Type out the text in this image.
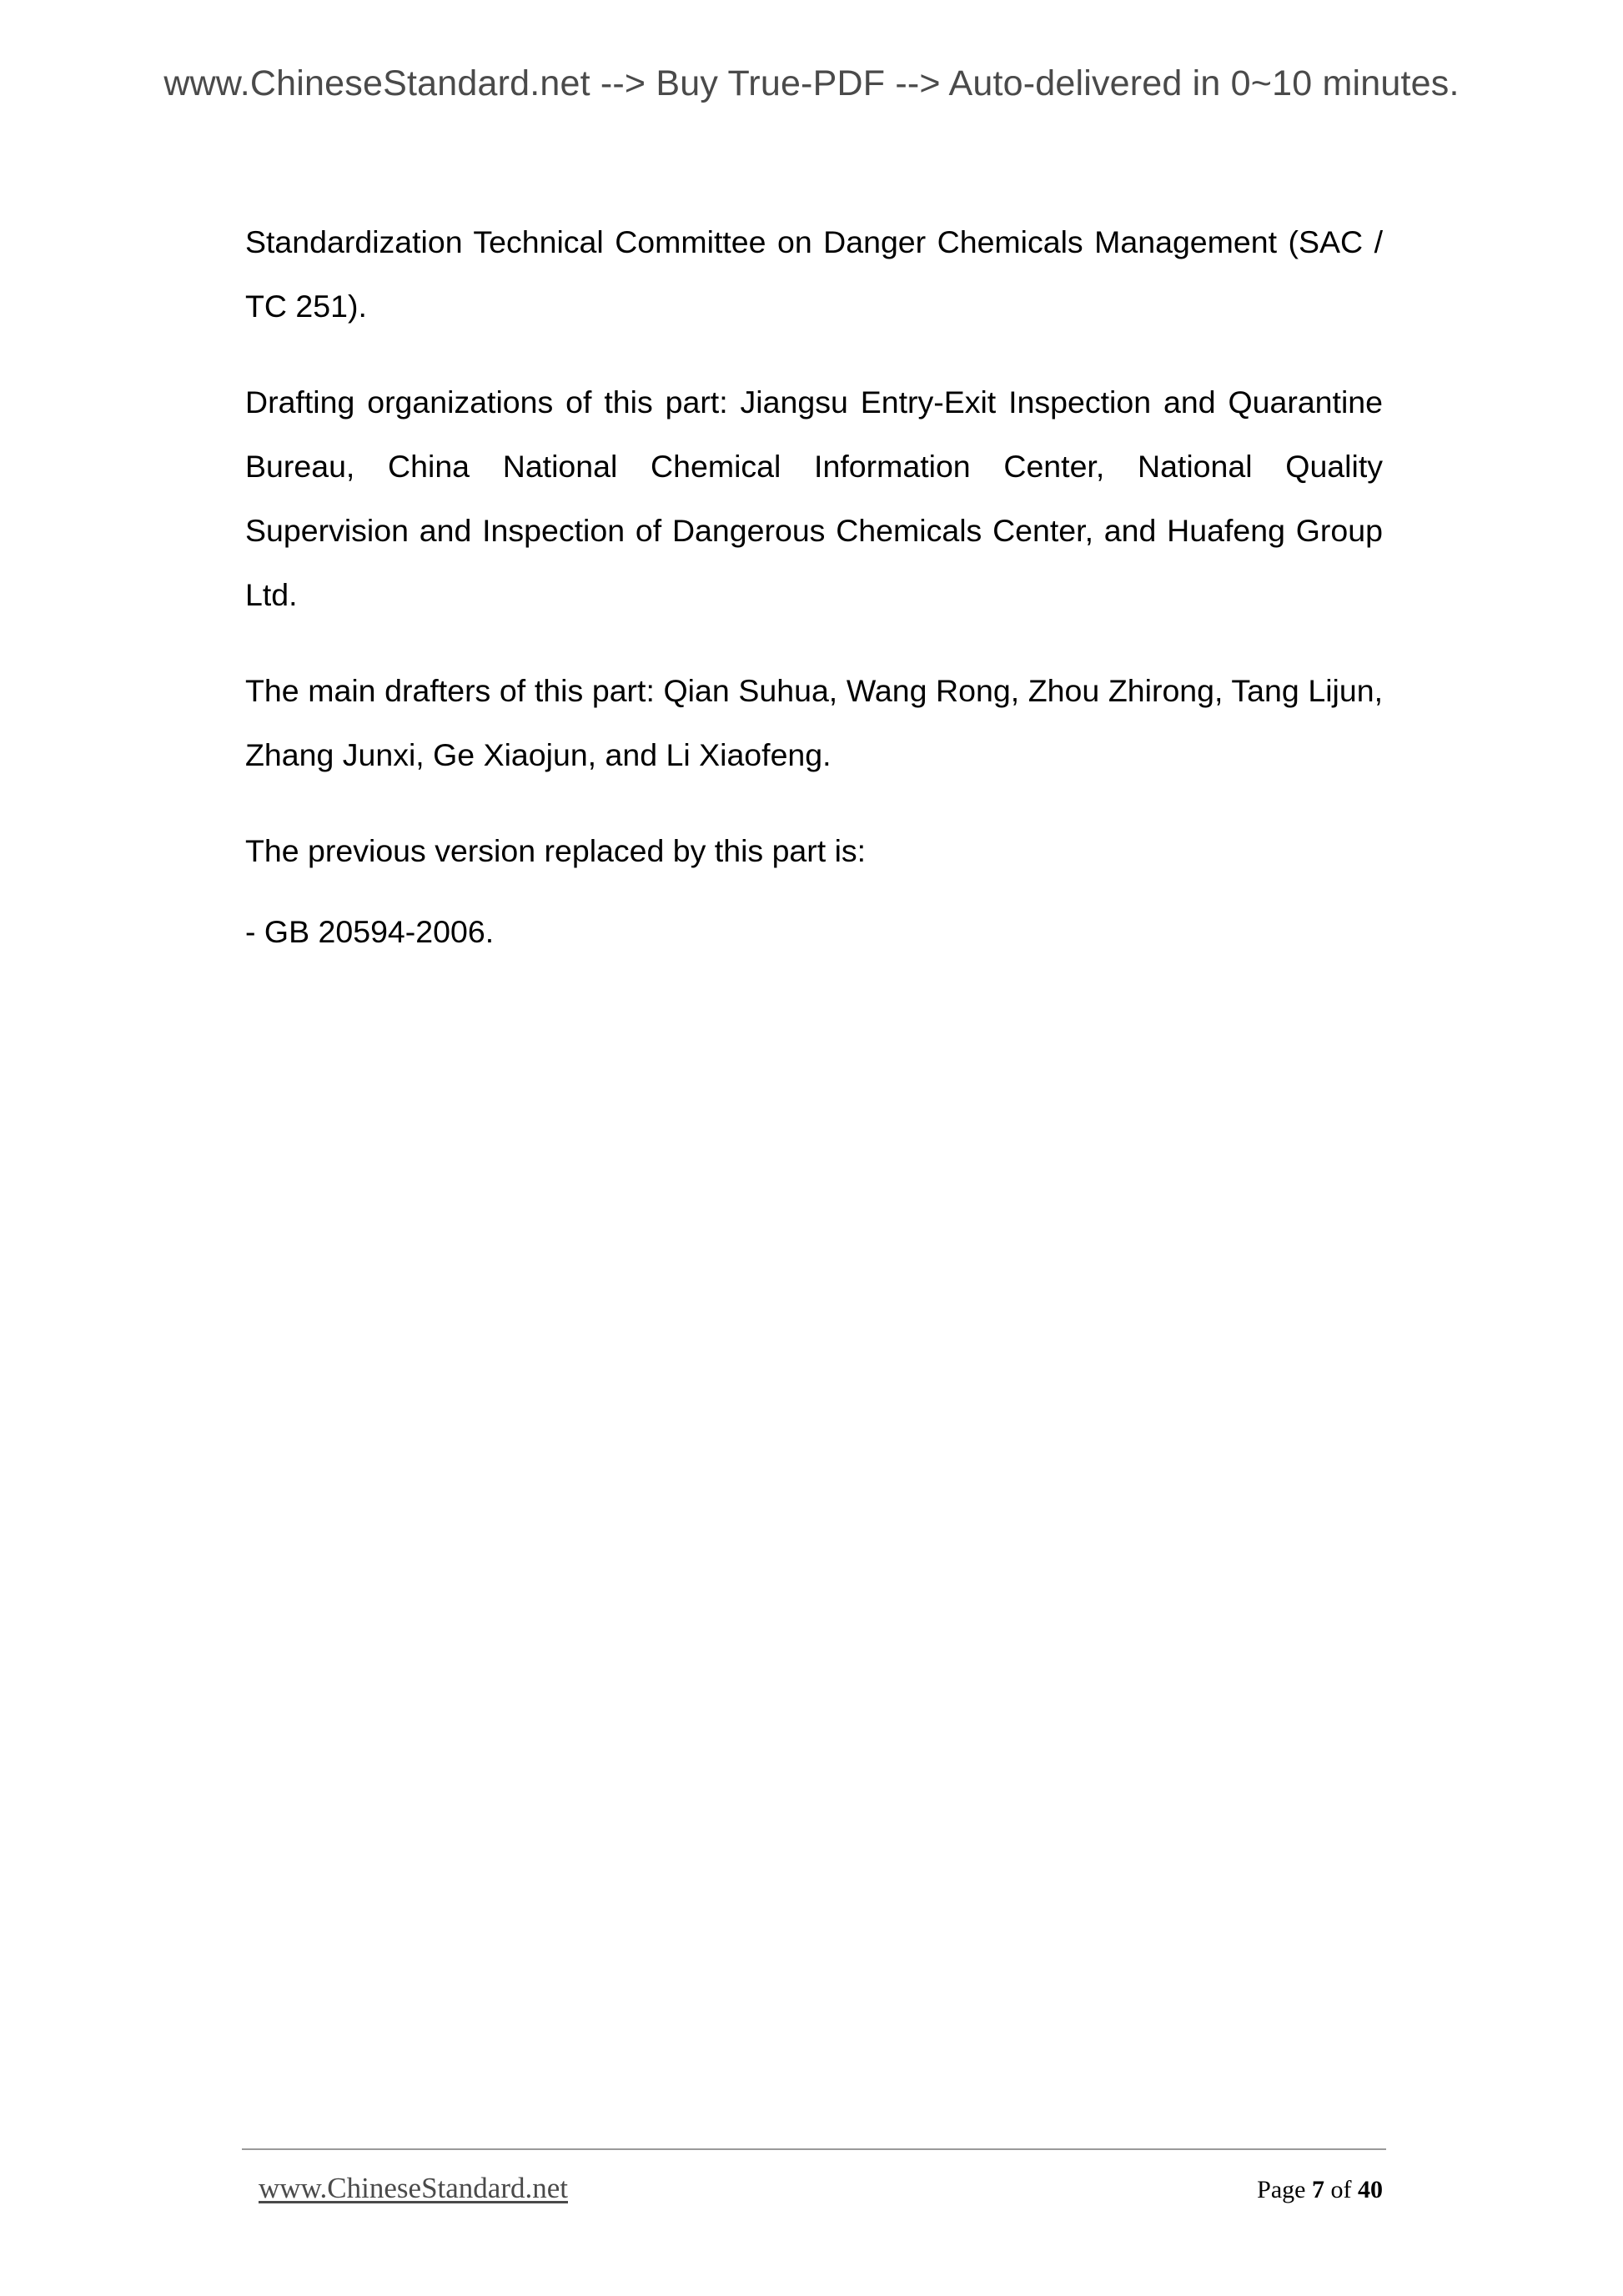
www.ChineseStandard.net --> Buy True-PDF --> Auto-delivered in 0~10 minutes.

Standardization Technical Committee on Danger Chemicals Management (SAC / TC 251).

Drafting organizations of this part: Jiangsu Entry-Exit Inspection and Quarantine Bureau, China National Chemical Information Center, National Quality Supervision and Inspection of Dangerous Chemicals Center, and Huafeng Group Ltd.

The main drafters of this part: Qian Suhua, Wang Rong, Zhou Zhirong, Tang Lijun, Zhang Junxi, Ge Xiaojun, and Li Xiaofeng.

The previous version replaced by this part is:

- GB 20594-2006.

www.ChineseStandard.net	Page 7 of 40
